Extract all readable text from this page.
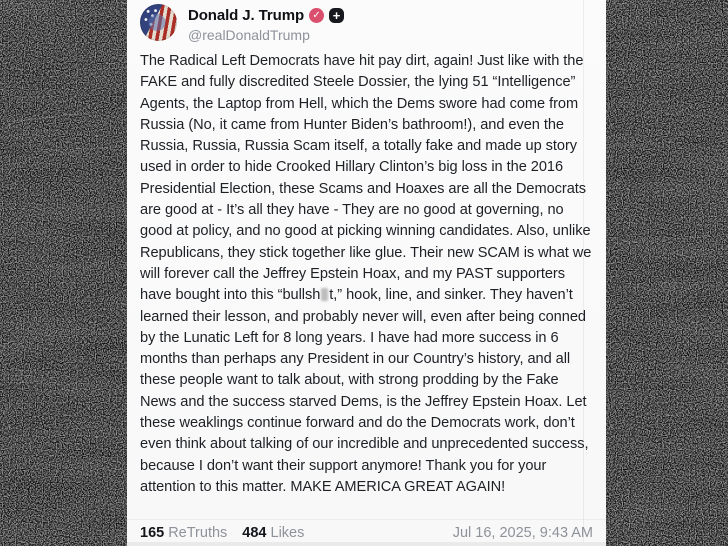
Donald J. Trump ✓ +
@realDonaldTrump
The Radical Left Democrats have hit pay dirt, again! Just like with the FAKE and fully discredited Steele Dossier, the lying 51 “Intelligence” Agents, the Laptop from Hell, which the Dems swore had come from Russia (No, it came from Hunter Biden’s bathroom!), and even the Russia, Russia, Russia Scam itself, a totally fake and made up story used in order to hide Crooked Hillary Clinton’s big loss in the 2016 Presidential Election, these Scams and Hoaxes are all the Democrats are good at - It’s all they have - They are no good at governing, no good at policy, and no good at picking winning candidates. Also, unlike Republicans, they stick together like glue. Their new SCAM is what we will forever call the Jeffrey Epstein Hoax, and my PAST supporters have bought into this “bullsh t,” hook, line, and sinker. They haven’t learned their lesson, and probably never will, even after being conned by the Lunatic Left for 8 long years. I have had more success in 6 months than perhaps any President in our Country’s history, and all these people want to talk about, with strong prodding by the Fake News and the success starved Dems, is the Jeffrey Epstein Hoax. Let these weaklings continue forward and do the Democrats work, don’t even think about talking of our incredible and unprecedented success, because I don’t want their support anymore! Thank you for your attention to this matter. MAKE AMERICA GREAT AGAIN!
165 ReTruths 484 Likes	Jul 16, 2025, 9:43 AM
